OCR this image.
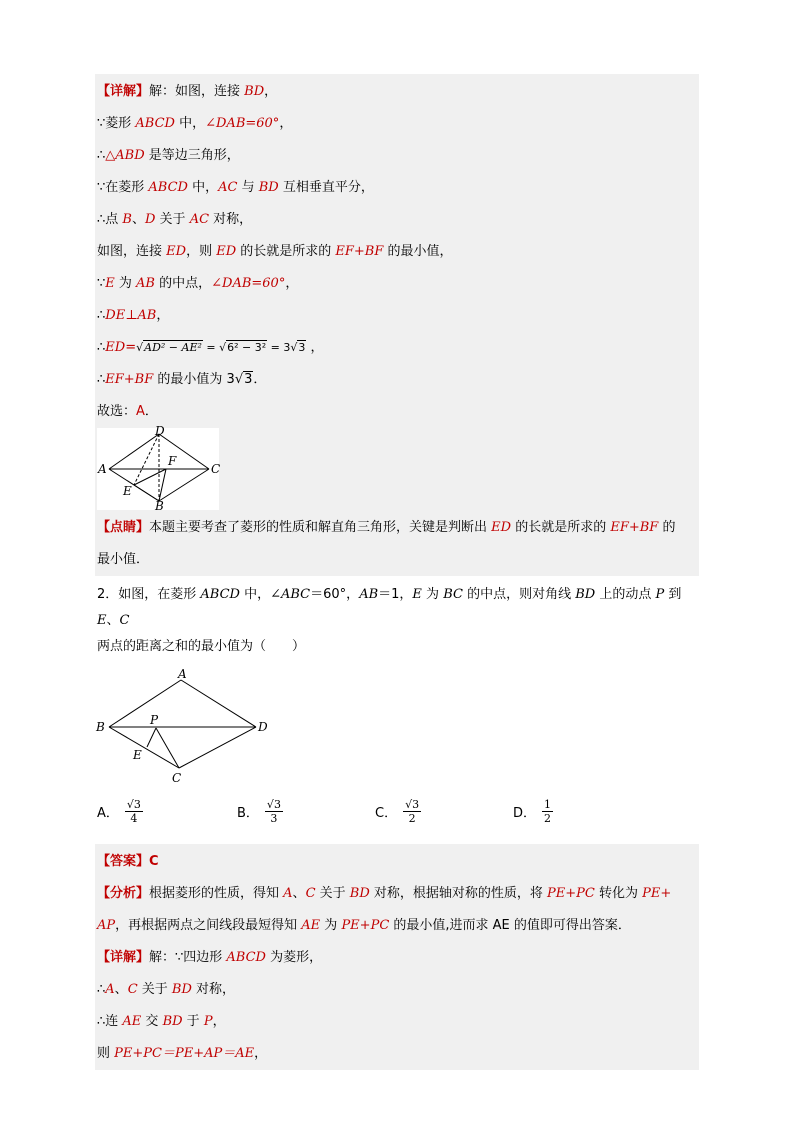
【详解】解：如图，连接 BD，
∵菱形 ABCD 中，∠DAB=60°，
∴△ABD 是等边三角形，
∵在菱形 ABCD 中，AC 与 BD 互相垂直平分，
∴点 B、D 关于 AC 对称，
如图，连接 ED，则 ED 的长就是所求的 EF+BF 的最小值，
∵E 为 AB 的中点，∠DAB=60°，
∴DE⊥AB，
∴ED=√AD² − AE² = √6² − 3² = 3√3 ，
∴EF+BF 的最小值为 3√3．
故选：A．
A
D
C
B
E
F
【点睛】本题主要考查了菱形的性质和解直角三角形，关键是判断出 ED 的长就是所求的 EF+BF 的
最小值．
2．如图，在菱形 ABCD 中，∠ABC＝60°，AB＝1，E 为 BC 的中点，则对角线 BD 上的动点 P 到 E、C
两点的距离之和的最小值为（　　）
A
B	D
C
E
P
A． $\frac{√3}{4}$	B． $\frac{√3}{3}$	C． $\frac{√3}{2}$	D． $\frac{1}{2}$
【答案】C
【分析】根据菱形的性质，得知 A、C 关于 BD 对称，根据轴对称的性质，将 PE+PC 转化为 PE+
AP，再根据两点之间线段最短得知 AE 为 PE+PC 的最小值,进而求 AE 的值即可得出答案．
【详解】解：∵四边形 ABCD 为菱形，
∴A、C 关于 BD 对称，
∴连 AE 交 BD 于 P，
则 PE+PC＝PE+AP＝AE，
